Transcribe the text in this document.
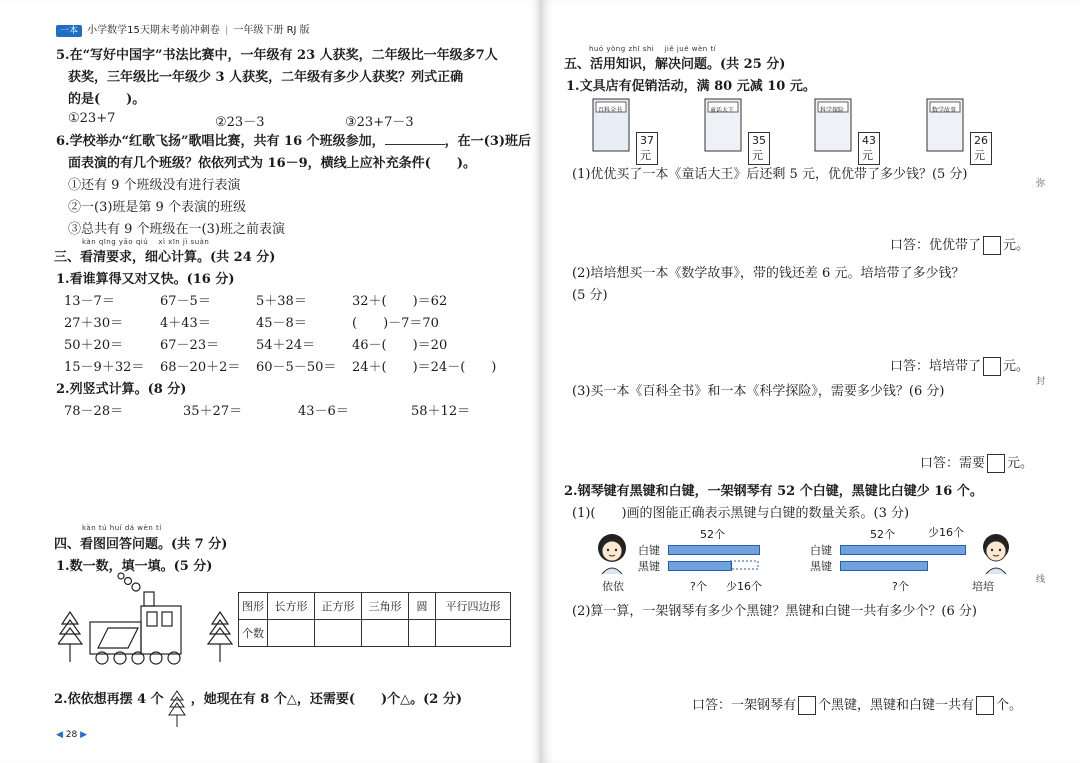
一本 小学数学15天期末考前冲刺卷 | 一年级下册 RJ 版
5.在“写好中国字”书法比赛中，一年级有 23 人获奖，二年级比一年级多7人
获奖，三年级比一年级少 3 人获奖，二年级有多少人获奖？列式正确
的是(　　)。
①23+7	②23－3	③23+7－3
6.学校举办“红歌飞扬”歌唱比赛，共有 16 个班级参加，	，在一(3)班后
面表演的有几个班级？依依列式为 16－9，横线上应补充条件(　　)。
①还有 9 个班级没有进行表演
②一(3)班是第 9 个表演的班级
③总共有 9 个班级在一(3)班之前表演
kàn qīng yāo qiú　 xì xīn jì suàn
三、看清要求，细心计算。(共 24 分)
1.看谁算得又对又快。(16 分)
13－7＝	67－5＝	5＋38＝	32＋(　　)＝62
27＋30＝	4＋43＝	45－8＝	(　　)－7＝70
50＋20＝	67－23＝	54＋24＝	46－(　　)＝20
15－9＋32＝ 68－20＋2＝ 60－5－50＝ 24＋(　　)＝24－(　　)
2.列竖式计算。(8 分)
78－28＝	35＋27＝	43－6＝	58＋12＝
kàn tú huí dá wèn tí
四、看图回答问题。(共 7 分)
1.数一数，填一填。(5 分)
图形	长方形	正方形	三角形	圆	平行四边形
个数					
2.依依想再摆 4 个 ，她现在有 8 个△，还需要(　　)个△。(2 分)
◀ 28 ▶
huó yòng zhī shi　 jiě jué wèn tí
五、活用知识，解决问题。(共 25 分)
1.文具店有促销活动，满 80 元减 10 元。
百科全书
37元
童话大王
35元
科学探险
43元
数学故事
26元
(1)优优买了一本《童话大王》后还剩 5 元，优优带了多少钱？(5 分)
口答：优优带了 元。
(2)培培想买一本《数学故事》，带的钱还差 6 元。培培带了多少钱？
(5 分)
口答：培培带了 元。
(3)买一本《百科全书》和一本《科学探险》，需要多少钱？(6 分)
口答：需要 元。
2.钢琴键有黑键和白键，一架钢琴有 52 个白键，黑键比白键少 16 个。
(1)(　　)画的图能正确表示黑键与白键的数量关系。(3 分)
依依
52个
白键
黑键
?个 少16个
52个	少16个
白键
黑键
?个	培培
(2)算一算，一架钢琴有多少个黑键？黑键和白键一共有多少个？(6 分)
口答：一架钢琴有 个黑键，黑键和白键一共有 个。
弥
封
线
